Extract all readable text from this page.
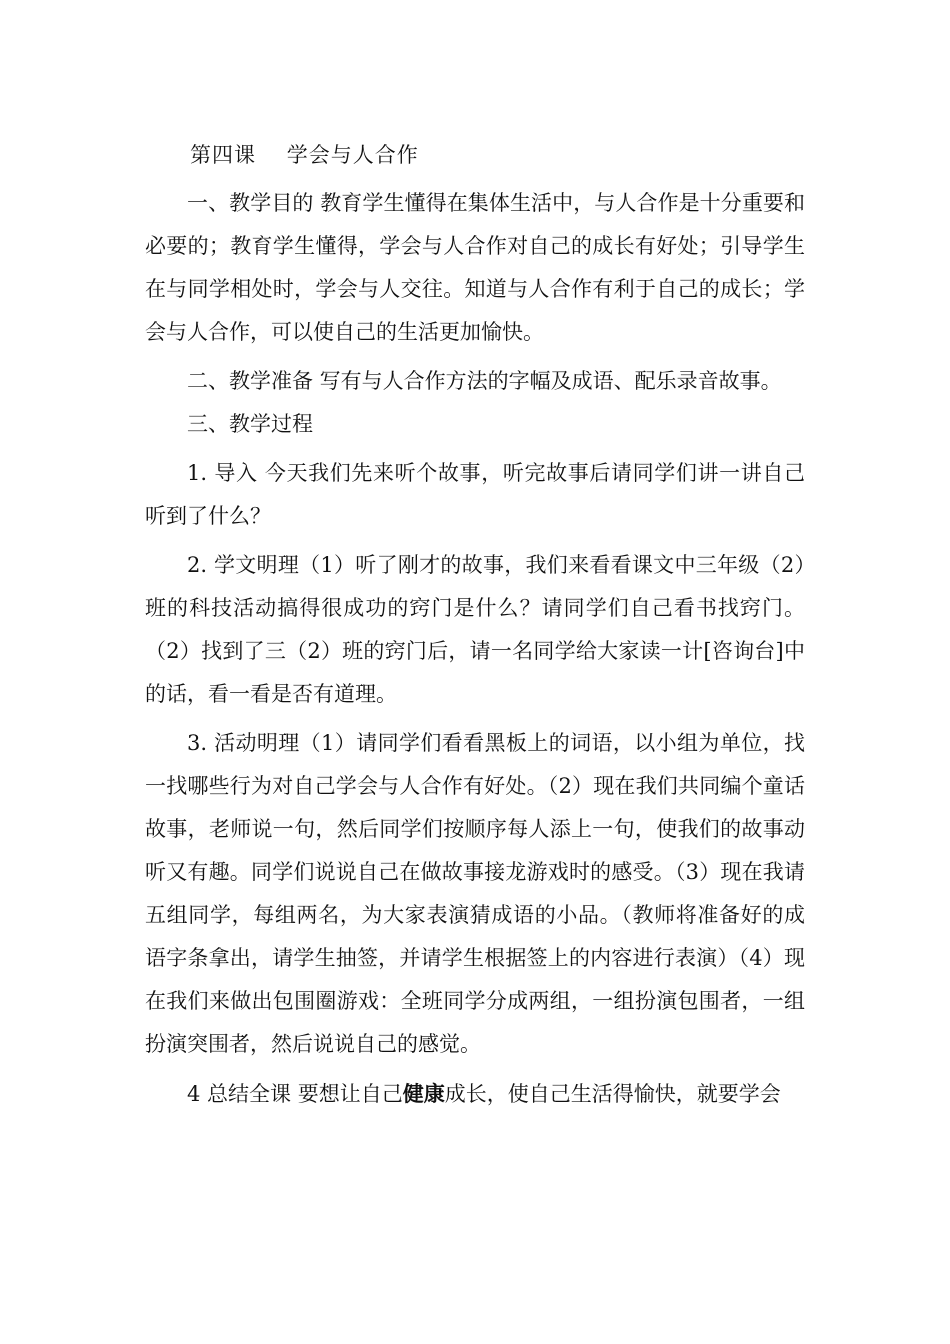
第四课    学会与人合作

一、教学目的 教育学生懂得在集体生活中，与人合作是十分重要和必要的；教育学生懂得，学会与人合作对自己的成长有好处；引导学生在与同学相处时，学会与人交往。知道与人合作有利于自己的成长；学会与人合作，可以使自己的生活更加愉快。

二、教学准备 写有与人合作方法的字幅及成语、配乐录音故事。

三、教学过程

1. 导入 今天我们先来听个故事，听完故事后请同学们讲一讲自己听到了什么？

2. 学文明理（1）听了刚才的故事，我们来看看课文中三年级（2）班的科技活动搞得很成功的窍门是什么？请同学们自己看书找窍门。（2）找到了三（2）班的窍门后，请一名同学给大家读一计[咨询台]中的话，看一看是否有道理。

3. 活动明理（1）请同学们看看黑板上的词语，以小组为单位，找一找哪些行为对自己学会与人合作有好处。（2）现在我们共同编个童话故事，老师说一句，然后同学们按顺序每人添上一句，使我们的故事动听又有趣。同学们说说自己在做故事接龙游戏时的感受。（3）现在我请五组同学，每组两名，为大家表演猜成语的小品。（教师将准备好的成语字条拿出，请学生抽签，并请学生根据签上的内容进行表演）（4）现在我们来做出包围圈游戏：全班同学分成两组，一组扮演包围者，一组扮演突围者，然后说说自己的感觉。

4 总结全课 要想让自己健康成长，使自己生活得愉快，就要学会
